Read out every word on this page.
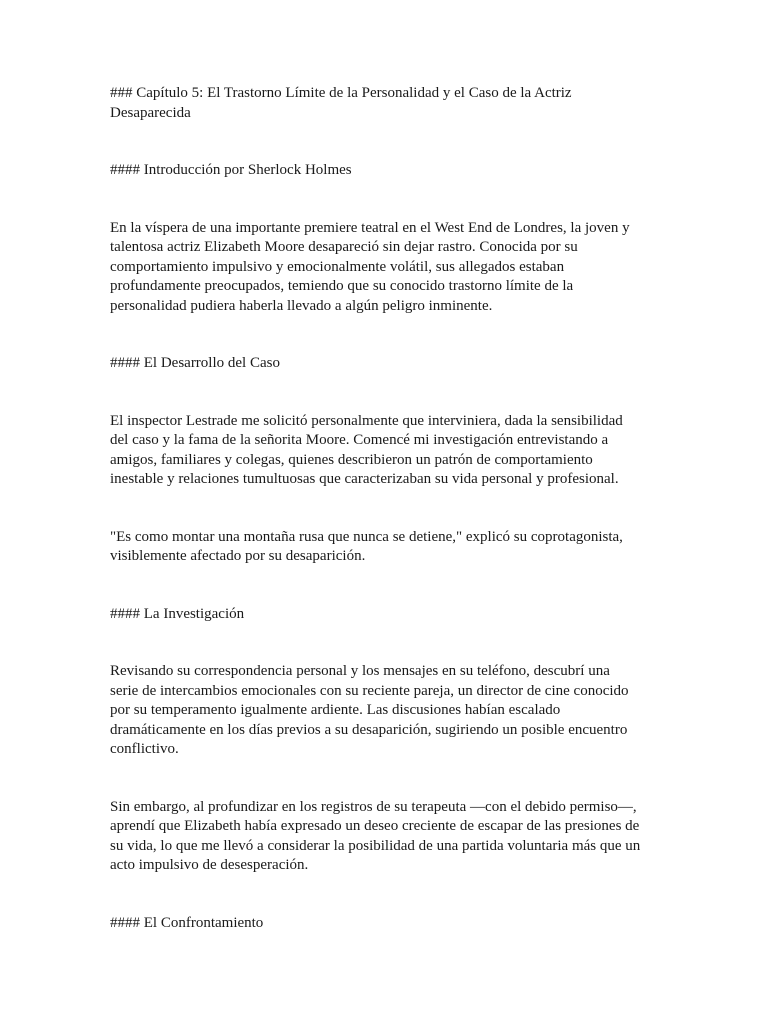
### Capítulo 5: El Trastorno Límite de la Personalidad y el Caso de la Actriz
Desaparecida

#### Introducción por Sherlock Holmes

En la víspera de una importante premiere teatral en el West End de Londres, la joven y
talentosa actriz Elizabeth Moore desapareció sin dejar rastro. Conocida por su
comportamiento impulsivo y emocionalmente volátil, sus allegados estaban
profundamente preocupados, temiendo que su conocido trastorno límite de la
personalidad pudiera haberla llevado a algún peligro inminente.

#### El Desarrollo del Caso

El inspector Lestrade me solicitó personalmente que interviniera, dada la sensibilidad
del caso y la fama de la señorita Moore. Comencé mi investigación entrevistando a
amigos, familiares y colegas, quienes describieron un patrón de comportamiento
inestable y relaciones tumultuosas que caracterizaban su vida personal y profesional.

"Es como montar una montaña rusa que nunca se detiene," explicó su coprotagonista,
visiblemente afectado por su desaparición.

#### La Investigación

Revisando su correspondencia personal y los mensajes en su teléfono, descubrí una
serie de intercambios emocionales con su reciente pareja, un director de cine conocido
por su temperamento igualmente ardiente. Las discusiones habían escalado
dramáticamente en los días previos a su desaparición, sugiriendo un posible encuentro
conflictivo.

Sin embargo, al profundizar en los registros de su terapeuta —con el debido permiso—,
aprendí que Elizabeth había expresado un deseo creciente de escapar de las presiones de
su vida, lo que me llevó a considerar la posibilidad de una partida voluntaria más que un
acto impulsivo de desesperación.

#### El Confrontamiento
